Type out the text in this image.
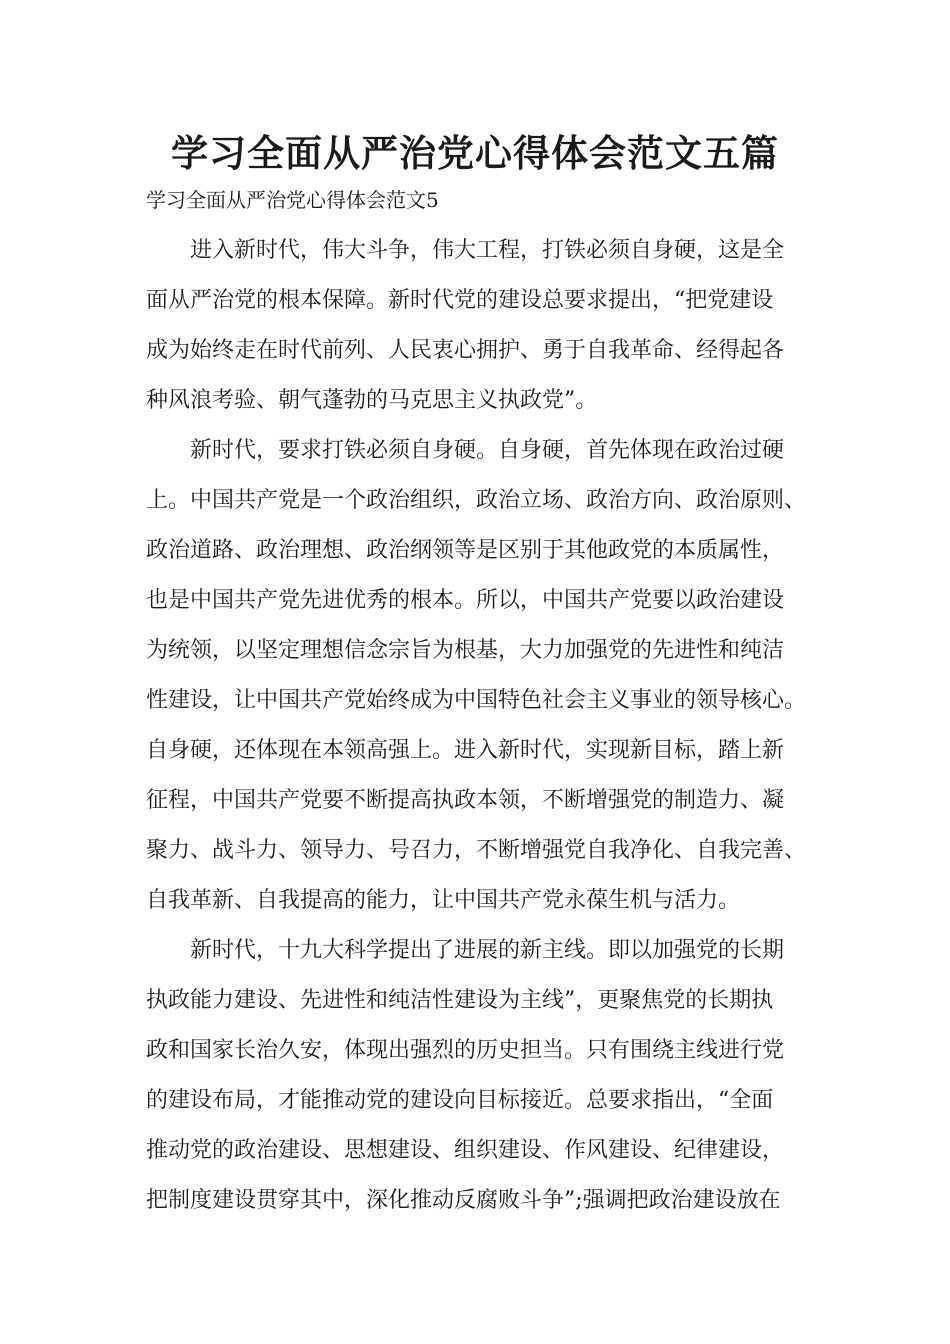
学习全面从严治党心得体会范文五篇

学习全面从严治党心得体会范文5

进入新时代，伟大斗争，伟大工程，打铁必须自身硬，这是全

面从严治党的根本保障。新时代党的建设总要求提出，“把党建设

成为始终走在时代前列、人民衷心拥护、勇于自我革命、经得起各

种风浪考验、朝气蓬勃的马克思主义执政党”。

新时代，要求打铁必须自身硬。自身硬，首先体现在政治过硬

上。中国共产党是一个政治组织，政治立场、政治方向、政治原则、

政治道路、政治理想、政治纲领等是区别于其他政党的本质属性，

也是中国共产党先进优秀的根本。所以，中国共产党要以政治建设

为统领，以坚定理想信念宗旨为根基，大力加强党的先进性和纯洁

性建设，让中国共产党始终成为中国特色社会主义事业的领导核心。

自身硬，还体现在本领高强上。进入新时代，实现新目标，踏上新

征程，中国共产党要不断提高执政本领，不断增强党的制造力、凝

聚力、战斗力、领导力、号召力，不断增强党自我净化、自我完善、

自我革新、自我提高的能力，让中国共产党永葆生机与活力。

新时代，十九大科学提出了进展的新主线。即以加强党的长期

执政能力建设、先进性和纯洁性建设为主线”，更聚焦党的长期执

政和国家长治久安，体现出强烈的历史担当。只有围绕主线进行党

的建设布局，才能推动党的建设向目标接近。总要求指出，“全面

推动党的政治建设、思想建设、组织建设、作风建设、纪律建设，

把制度建设贯穿其中，深化推动反腐败斗争”;强调把政治建设放在
